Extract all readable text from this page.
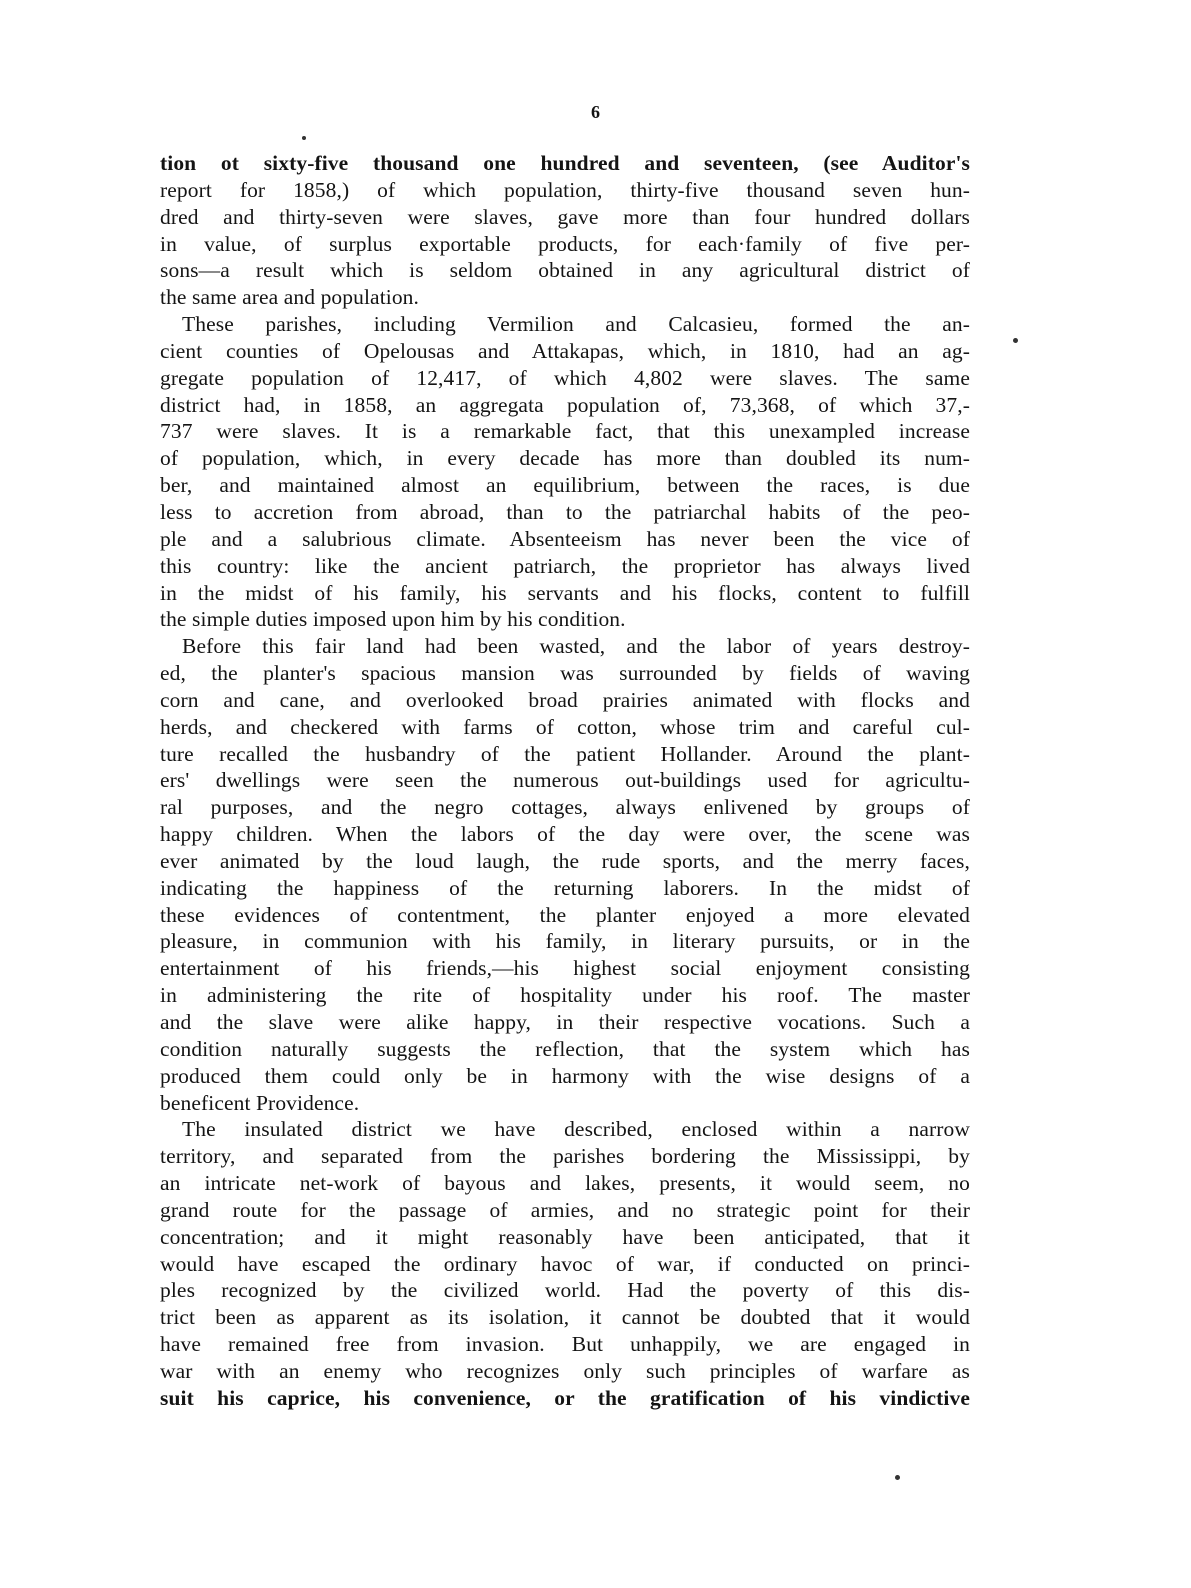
6
tion ot sixty-five thousand one hundred and seventeen, (see Auditor's
report for 1858,) of which population, thirty-five thousand seven hun-
dred and thirty-seven were slaves, gave more than four hundred dollars
in value, of surplus exportable products, for each·family of five per-
sons—a result which is seldom obtained in any agricultural district of
the same area and population.
These parishes, including Vermilion and Calcasieu, formed the an-
cient counties of Opelousas and Attakapas, which, in 1810, had an ag-
gregate population of 12,417, of which 4,802 were slaves. The same
district had, in 1858, an aggregata population of, 73,368, of which 37,-
737 were slaves. It is a remarkable fact, that this unexampled increase
of population, which, in every decade has more than doubled its num-
ber, and maintained almost an equilibrium, between the races, is due
less to accretion from abroad, than to the patriarchal habits of the peo-
ple and a salubrious climate. Absenteeism has never been the vice of
this country: like the ancient patriarch, the proprietor has always lived
in the midst of his family, his servants and his flocks, content to fulfill
the simple duties imposed upon him by his condition.
Before this fair land had been wasted, and the labor of years destroy-
ed, the planter's spacious mansion was surrounded by fields of waving
corn and cane, and overlooked broad prairies animated with flocks and
herds, and checkered with farms of cotton, whose trim and careful cul-
ture recalled the husbandry of the patient Hollander. Around the plant-
ers' dwellings were seen the numerous out-buildings used for agricultu-
ral purposes, and the negro cottages, always enlivened by groups of
happy children. When the labors of the day were over, the scene was
ever animated by the loud laugh, the rude sports, and the merry faces,
indicating the happiness of the returning laborers. In the midst of
these evidences of contentment, the planter enjoyed a more elevated
pleasure, in communion with his family, in literary pursuits, or in the
entertainment of his friends,—his highest social enjoyment consisting
in administering the rite of hospitality under his roof. The master
and the slave were alike happy, in their respective vocations. Such a
condition naturally suggests the reflection, that the system which has
produced them could only be in harmony with the wise designs of a
beneficent Providence.
The insulated district we have described, enclosed within a narrow
territory, and separated from the parishes bordering the Mississippi, by
an intricate net-work of bayous and lakes, presents, it would seem, no
grand route for the passage of armies, and no strategic point for their
concentration; and it might reasonably have been anticipated, that it
would have escaped the ordinary havoc of war, if conducted on princi-
ples recognized by the civilized world. Had the poverty of this dis-
trict been as apparent as its isolation, it cannot be doubted that it would
have remained free from invasion. But unhappily, we are engaged in
war with an enemy who recognizes only such principles of warfare as
suit his caprice, his convenience, or the gratification of his vindictive
